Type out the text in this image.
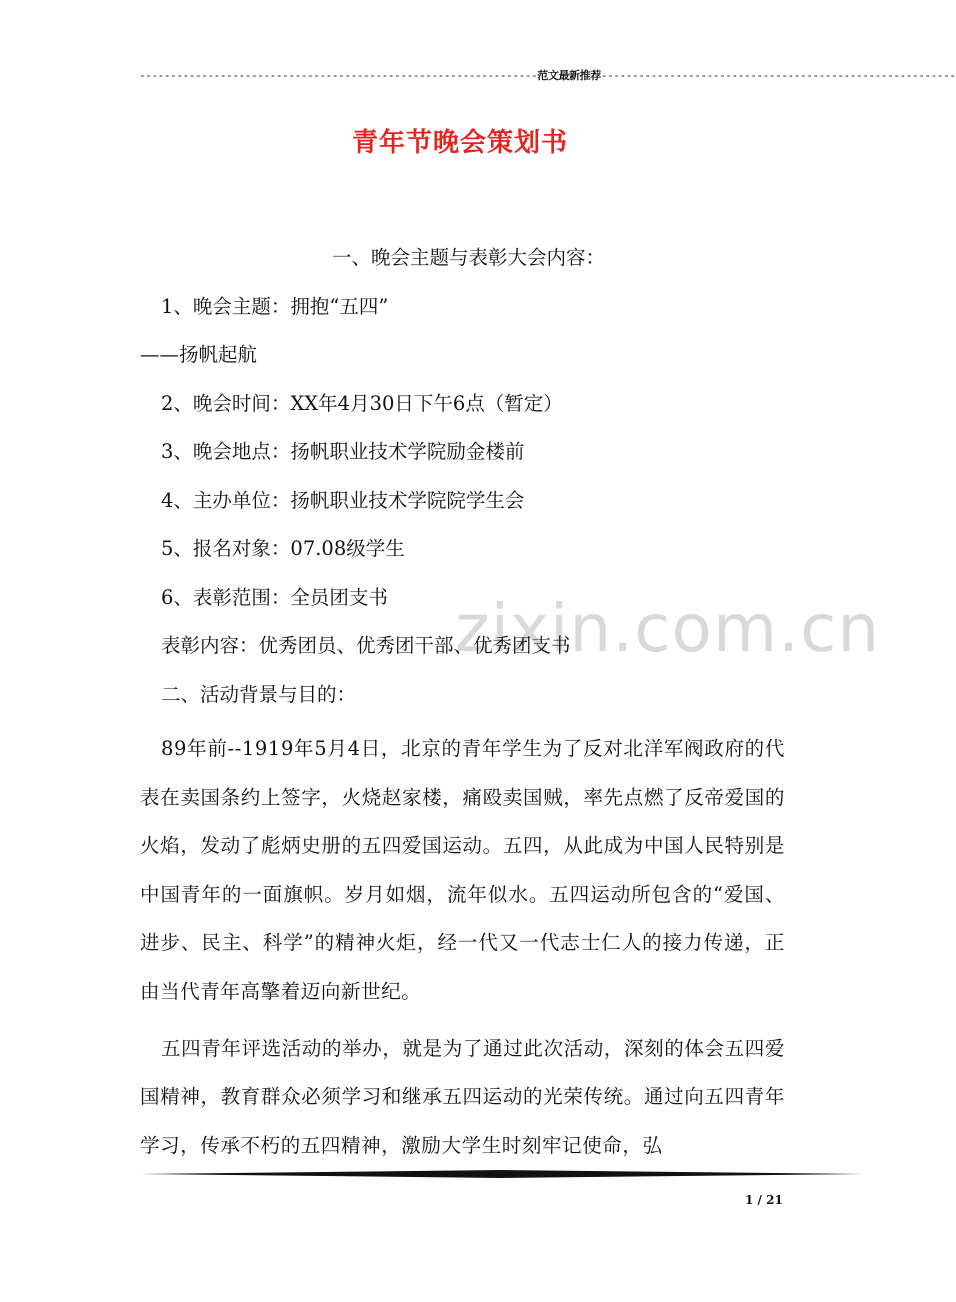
----------------------------------------------------------------范文最新推荐---------------------------------------------------------
青年节晚会策划书
zixin.com.cn
一、晚会主题与表彰大会内容：
1、晚会主题：拥抱“五四”
——扬帆起航
2、晚会时间：XX年4月30日下午6点（暂定）
3、晚会地点：扬帆职业技术学院励金楼前
4、主办单位：扬帆职业技术学院院学生会
5、报名对象：07.08级学生
6、表彰范围：全员团支书
表彰内容：优秀团员、优秀团干部、优秀团支书
二、活动背景与目的：

89年前--1919年5月4日，北京的青年学生为了反对北洋军阀政府的代表在卖国条约上签字，火烧赵家楼，痛殴卖国贼，率先点燃了反帝爱国的火焰，发动了彪炳史册的五四爱国运动。五四，从此成为中国人民特别是中国青年的一面旗帜。岁月如烟，流年似水。五四运动所包含的“爱国、进步、民主、科学”的精神火炬，经一代又一代志士仁人的接力传递，正由当代青年高擎着迈向新世纪。

五四青年评选活动的举办，就是为了通过此次活动，深刻的体会五四爱国精神，教育群众必须学习和继承五四运动的光荣传统。通过向五四青年学习，传承不朽的五四精神，激励大学生时刻牢记使命，弘

1 / 21
